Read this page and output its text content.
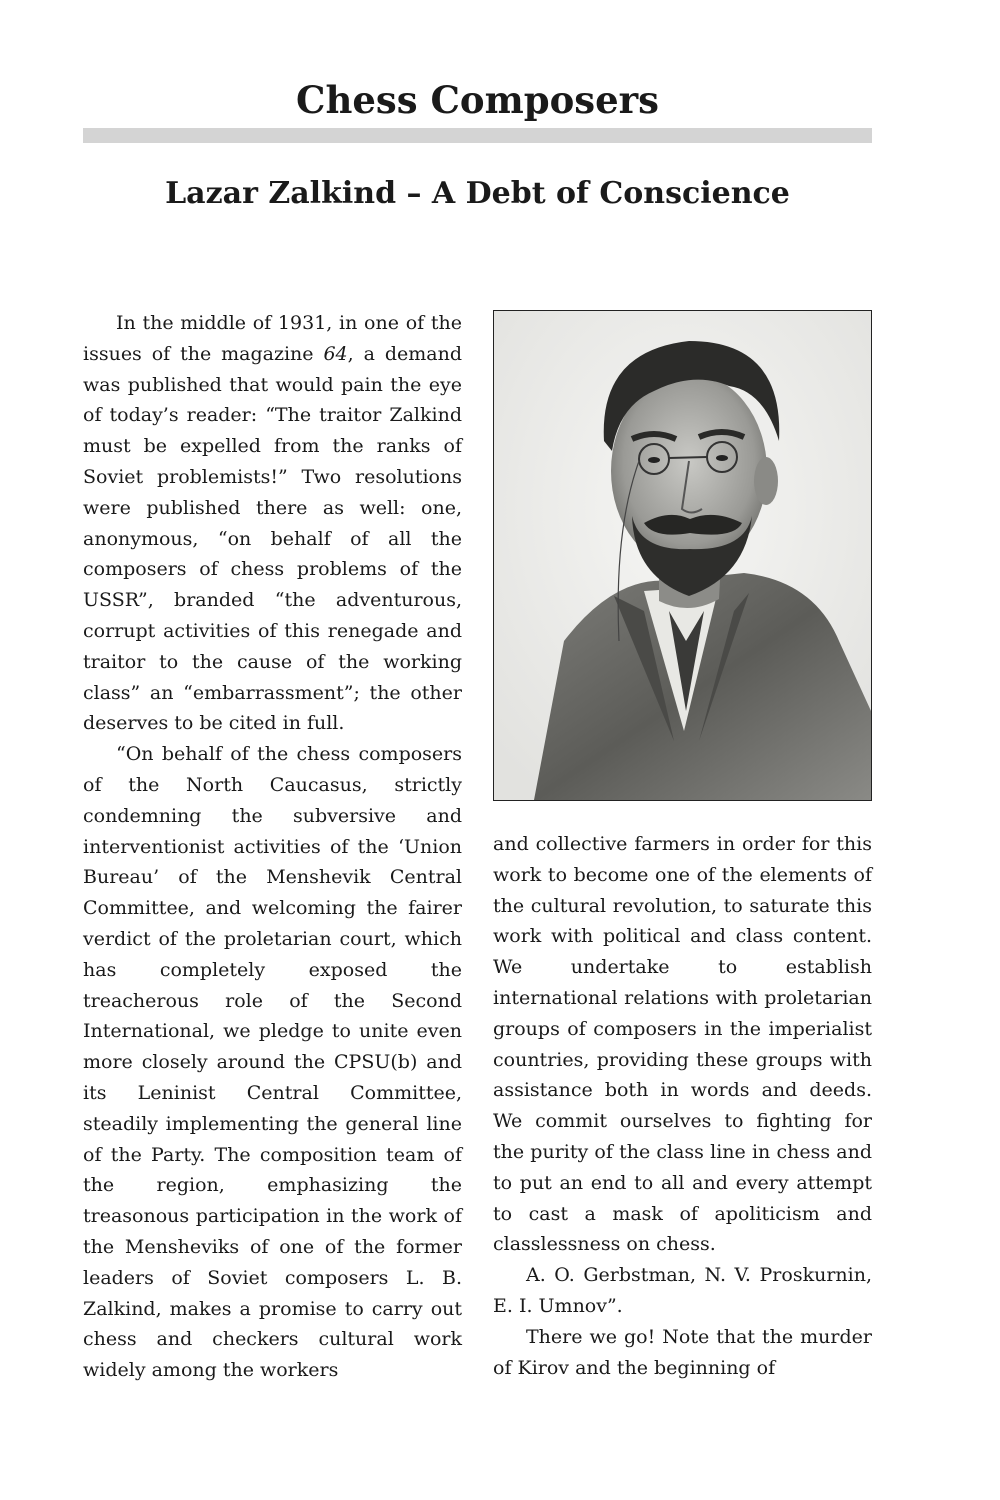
Chess Composers
Lazar Zalkind – A Debt of Conscience

In the middle of 1931, in one of the issues of the magazine 64, a demand was published that would pain the eye of today’s reader: “The traitor Zalkind must be expelled from the ranks of Soviet problemists!” Two resolutions were published there as well: one, anonymous, “on behalf of all the composers of chess problems of the USSR”, branded “the adventurous, corrupt activities of this renegade and traitor to the cause of the working class” an “embarrassment”; the other deserves to be cited in full.

“On behalf of the chess composers of the North Caucasus, strictly condemning the subversive and interventionist activities of the ‘Union Bureau’ of the Menshevik Central Committee, and welcoming the fairer verdict of the proletarian court, which has completely exposed the treacherous role of the Second International, we pledge to unite even more closely around the CPSU(b) and its Leninist Central Committee, steadily implementing the general line of the Party. The composition team of the region, emphasizing the treasonous participation in the work of the Mensheviks of one of the former leaders of Soviet composers L. B. Zalkind, makes a promise to carry out chess and checkers cultural work widely among the workers

and collective farmers in order for this work to become one of the elements of the cultural revolution, to saturate this work with political and class content. We undertake to establish international relations with proletarian groups of composers in the imperialist countries, providing these groups with assistance both in words and deeds. We commit ourselves to fighting for the purity of the class line in chess and to put an end to all and every attempt to cast a mask of apoliticism and classlessness on chess.

A. O. Gerbstman, N. V. Proskurnin, E. I. Umnov”.

There we go! Note that the murder of Kirov and the beginning of
